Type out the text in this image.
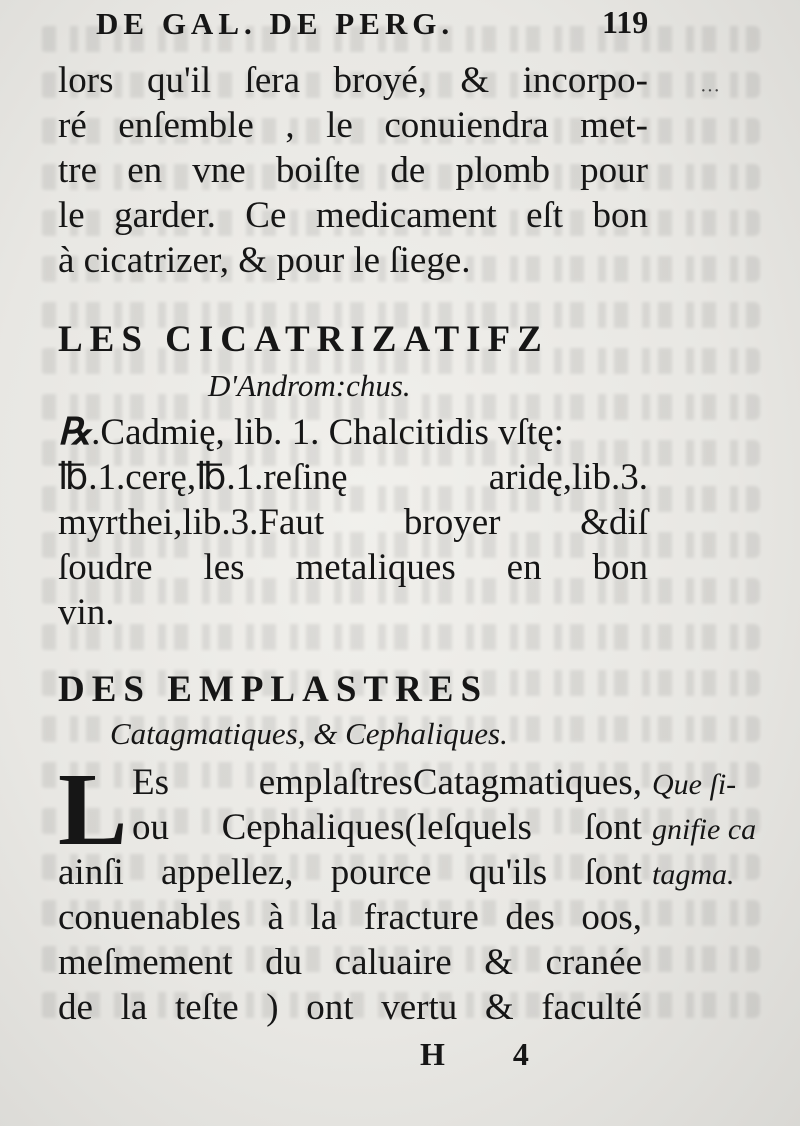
DE GAL. DE PERG.	119
···
lors qu'il ſera broyé, & incorpo-
ré enſemble , le conuiendra met-
tre en vne boiſte de plomb pour
le garder. Ce medicament eſt bon
à cicatrizer, & pour le ſiege.
LES CICATRIZATIFZ
D'Androm:chus.
℞.Cadmię, lib. 1. Chalcitidis vſtę:
℔.1.cerę,℔.1.reſinę aridę,lib.3.
myrthei,lib.3.Faut broyer &diſ
ſoudre les metaliques en bon
vin.
DES EMPLASTRES
Catagmatiques, & Cephaliques.
L Es emplaſtresCatagmatiques,
ou Cephaliques(leſquels ſont
ainſi appellez, pource qu'ils ſont
conuenables à la fracture des oos,
meſmement du caluaire & cranée
de la teſte ) ont vertu & faculté
Que ſi-
gnifie ca
tagma.
H 4
